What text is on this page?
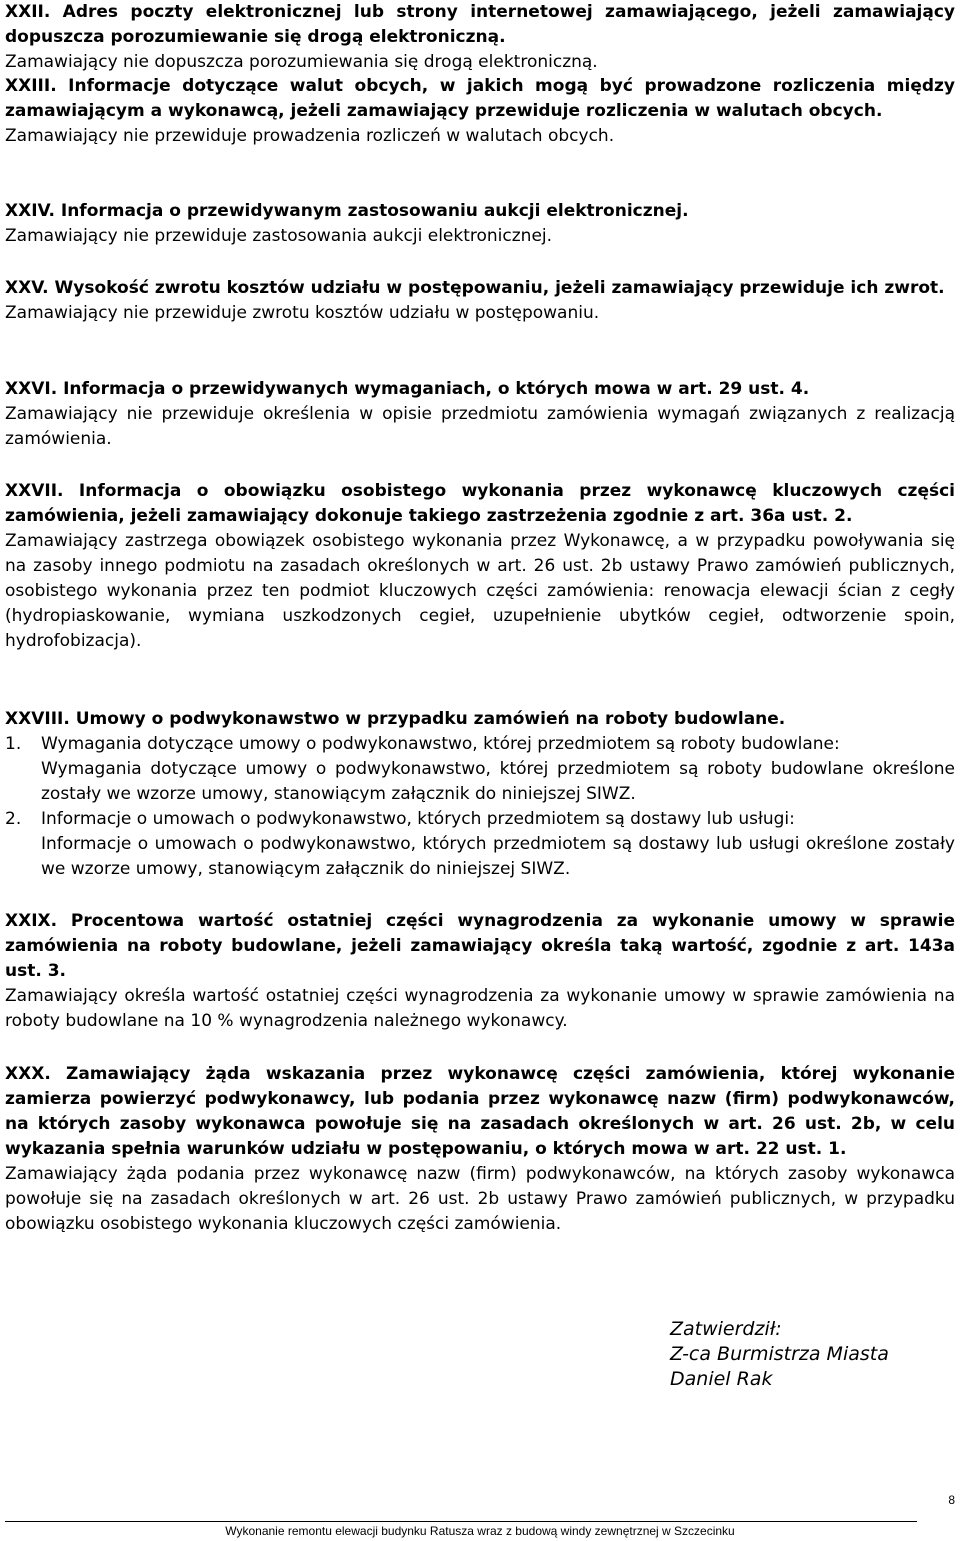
XXII. Adres poczty elektronicznej lub strony internetowej zamawiającego, jeżeli zamawiający dopuszcza porozumiewanie się drogą elektroniczną.

Zamawiający nie dopuszcza porozumiewania się drogą elektroniczną.

XXIII. Informacje dotyczące walut obcych, w jakich mogą być prowadzone rozliczenia między zamawiającym a wykonawcą, jeżeli zamawiający przewiduje rozliczenia w walutach obcych.

Zamawiający nie przewiduje prowadzenia rozliczeń w walutach obcych.

XXIV. Informacja o przewidywanym zastosowaniu aukcji elektronicznej.

Zamawiający nie przewiduje zastosowania aukcji elektronicznej.

XXV. Wysokość zwrotu kosztów udziału w postępowaniu, jeżeli zamawiający przewiduje ich zwrot.

Zamawiający nie przewiduje zwrotu kosztów udziału w postępowaniu.

XXVI. Informacja o przewidywanych wymaganiach, o których mowa w art. 29 ust. 4.

Zamawiający nie przewiduje określenia w opisie przedmiotu zamówienia wymagań związanych z realizacją zamówienia.

XXVII. Informacja o obowiązku osobistego wykonania przez wykonawcę kluczowych części zamówienia, jeżeli zamawiający dokonuje takiego zastrzeżenia zgodnie z art. 36a ust. 2.

Zamawiający zastrzega obowiązek osobistego wykonania przez Wykonawcę, a w przypadku powoływania się na zasoby innego podmiotu na zasadach określonych w art. 26 ust. 2b ustawy Prawo zamówień publicznych, osobistego wykonania przez ten podmiot kluczowych części zamówienia: renowacja elewacji ścian z cegły (hydropiaskowanie, wymiana uszkodzonych cegieł, uzupełnienie ubytków cegieł, odtworzenie spoin, hydrofobizacja).

XXVIII. Umowy o podwykonawstwo w przypadku zamówień na roboty budowlane.

1. Wymagania dotyczące umowy o podwykonawstwo, której przedmiotem są roboty budowlane:

Wymagania dotyczące umowy o podwykonawstwo, której przedmiotem są roboty budowlane określone zostały we wzorze umowy, stanowiącym załącznik do niniejszej SIWZ.

2. Informacje o umowach o podwykonawstwo, których przedmiotem są dostawy lub usługi:

Informacje o umowach o podwykonawstwo, których przedmiotem są dostawy lub usługi określone zostały we wzorze umowy, stanowiącym załącznik do niniejszej SIWZ.

XXIX. Procentowa wartość ostatniej części wynagrodzenia za wykonanie umowy w sprawie zamówienia na roboty budowlane, jeżeli zamawiający określa taką wartość, zgodnie z art. 143a ust. 3.

Zamawiający określa wartość ostatniej części wynagrodzenia za wykonanie umowy w sprawie zamówienia na roboty budowlane na 10 % wynagrodzenia należnego wykonawcy.

XXX. Zamawiający żąda wskazania przez wykonawcę części zamówienia, której wykonanie zamierza powierzyć podwykonawcy, lub podania przez wykonawcę nazw (firm) podwykonawców, na których zasoby wykonawca powołuje się na zasadach określonych w art. 26 ust. 2b, w celu wykazania spełnia warunków udziału w postępowaniu, o których mowa w art. 22 ust. 1.

Zamawiający żąda podania przez wykonawcę nazw (firm) podwykonawców, na których zasoby wykonawca powołuje się na zasadach określonych w art. 26 ust. 2b ustawy Prawo zamówień publicznych, w przypadku obowiązku osobistego wykonania kluczowych części zamówienia.

Zatwierdził:
Z-ca Burmistrza Miasta
Daniel Rak
8
Wykonanie remontu elewacji budynku Ratusza wraz z budową windy zewnętrznej w Szczecinku
